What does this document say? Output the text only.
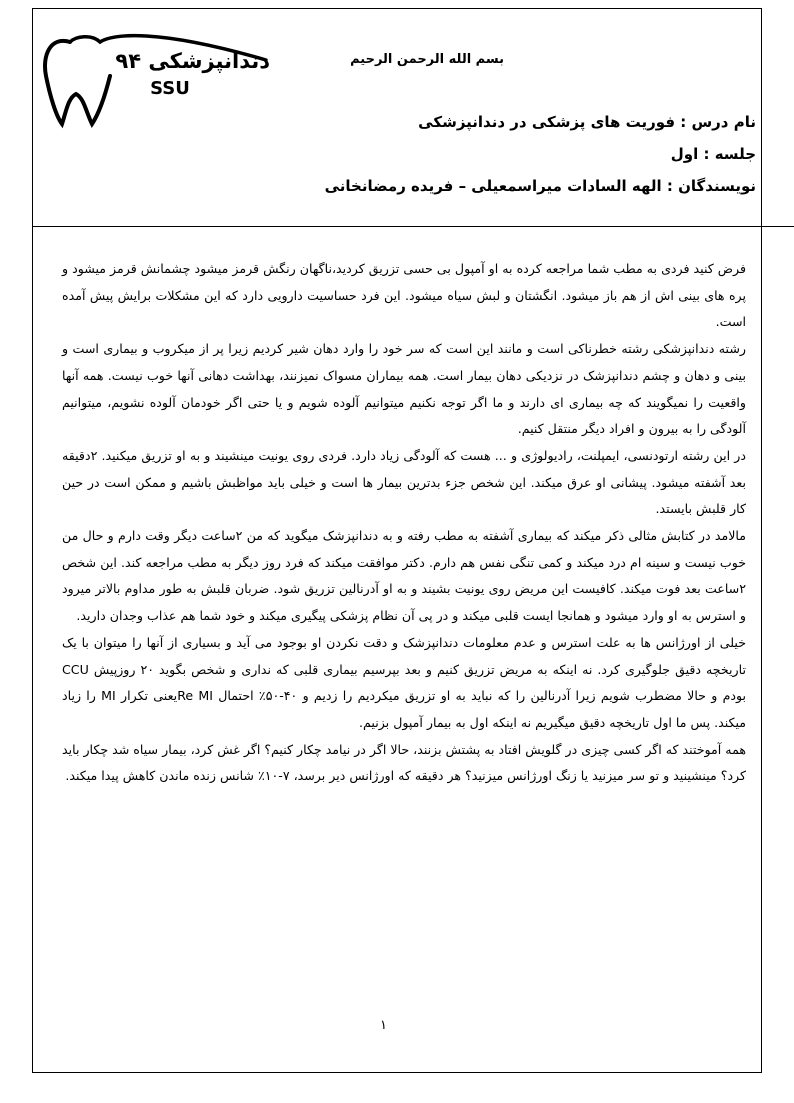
دندانپزشکی ۹۴
SSU
بسم الله الرحمن الرحیم
نام درس : فوریت های پزشکی در دندانپزشکی
جلسه : اول
نویسندگان : الهه السادات میراسمعیلی – فریده رمضانخانی

فرض کنید فردی به مطب شما مراجعه کرده به او آمپول بی حسی تزریق کردید،ناگهان رنگش قرمز میشود چشمانش قرمز میشود و پره های بینی اش از هم باز میشود. انگشتان و لبش سیاه میشود. این فرد حساسیت دارویی دارد که این مشکلات برایش پیش آمده است.

رشته دندانپزشکی رشته خطرناکی است و مانند این است که سر خود را وارد دهان شیر کردیم زیرا پر از میکروب و بیماری است و بینی و دهان و چشم دندانپزشک در نزدیکی دهان بیمار است. همه بیماران مسواک نمیزنند، بهداشت دهانی آنها خوب نیست. همه آنها واقعیت را نمیگویند که چه بیماری ای دارند و ما اگر توجه نکنیم میتوانیم آلوده شویم و یا حتی اگر خودمان آلوده نشویم، میتوانیم آلودگی را به بیرون و افراد دیگر منتقل کنیم.

در این رشته ارتودنسی، ایمپلنت، رادیولوژی و ... هست که آلودگی زیاد دارد. فردی روی یونیت مینشیند و به او تزریق میکنید. ۲دقیقه بعد آشفته میشود. پیشانی او عرق میکند. این شخص جزء بدترین بیمار ها است و خیلی باید مواظبش باشیم و ممکن است در حین کار قلبش بایستد.

مالامد در کتابش مثالی ذکر میکند که بیماری آشفته به مطب رفته و به دندانپزشک میگوید که من ۲ساعت دیگر وقت دارم و حال من خوب نیست و سینه ام درد میکند و کمی تنگی نفس هم دارم. دکتر موافقت میکند که فرد روز دیگر به مطب مراجعه کند. این شخص ۲ساعت بعد فوت میکند. کافیست این مریض روی یونیت بشیند و به او آدرنالین تزریق شود. ضربان قلبش به طور مداوم بالاتر میرود و استرس به او وارد میشود و همانجا ایست قلبی میکند و در پی آن نظام پزشکی پیگیری میکند و خود شما هم عذاب وجدان دارید.

خیلی از اورژانس ها به علت استرس و عدم معلومات دندانپزشک و دقت نکردن او بوجود می آید و بسیاری از آنها را میتوان با یک تاریخچه دقیق جلوگیری کرد. نه اینکه به مریض تزریق کنیم و بعد بپرسیم بیماری قلبی که نداری و شخص بگوید ۲۰ روزپیش CCU بودم و حالا مضطرب شویم زیرا آدرنالین را که نباید به او تزریق میکردیم را زدیم و ۴۰-۵۰٪ احتمال Re MIیعنی تکرار MI را زیاد میکند. پس ما اول تاریخچه دقیق میگیریم نه اینکه اول به بیمار آمپول بزنیم.

همه آموختند که اگر کسی چیزی در گلویش افتاد به پشتش بزنند، حالا اگر در نیامد چکار کنیم؟ اگر غش کرد، بیمار سیاه شد چکار باید کرد؟ مینشینید و تو سر میزنید یا زنگ اورژانس میزنید؟ هر دقیقه که اورژانس دیر برسد، ۷-۱۰٪ شانس زنده ماندن کاهش پیدا میکند.

۱
